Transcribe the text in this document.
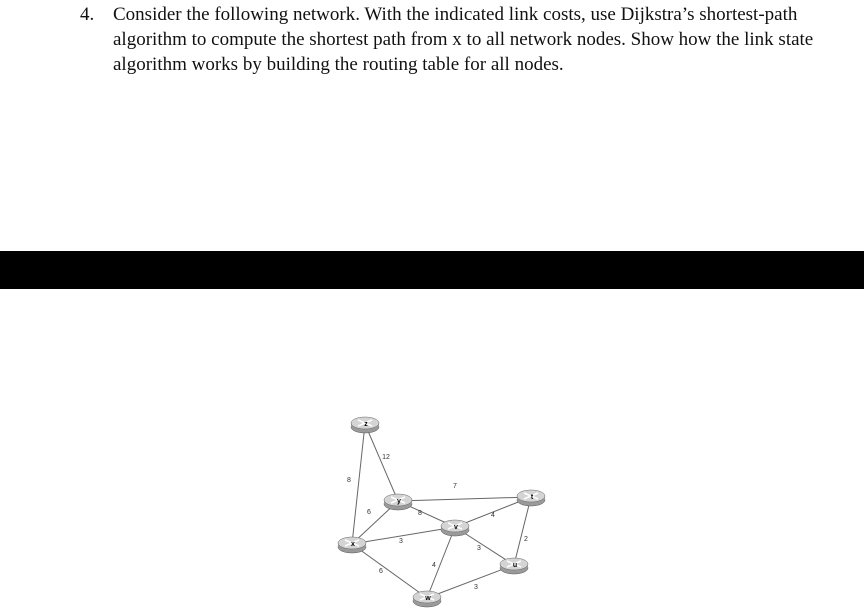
4. Consider the following network. With the indicated link costs, use Dijkstra’s shortest-path algorithm to compute the shortest path from x to all network nodes. Show how the link state algorithm works by building the routing table for all nodes.
8
12
6
7
8
3
6
4
3
4
2
3
z
y
x
v
t
u
w
